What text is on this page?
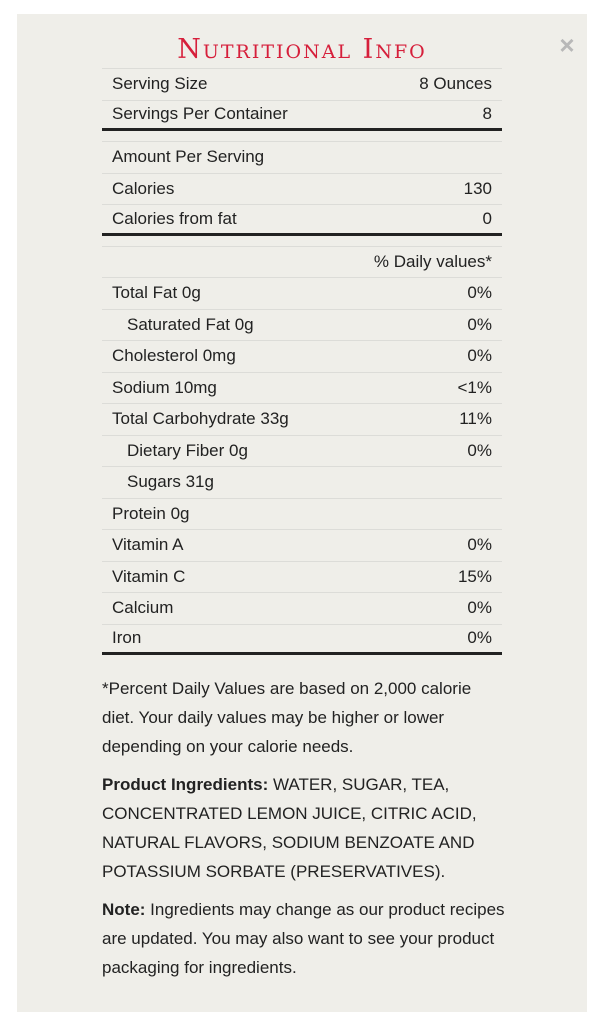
Nutritional Info	×
Serving Size	8 Ounces
Servings Per Container	8
Amount Per Serving
Calories	130
Calories from fat	0
% Daily values*
Total Fat 0g	0%
Saturated Fat 0g	0%
Cholesterol 0mg	0%
Sodium 10mg	<1%
Total Carbohydrate 33g	11%
Dietary Fiber 0g	0%
Sugars 31g
Protein 0g
Vitamin A	0%
Vitamin C	15%
Calcium	0%
Iron	0%

*Percent Daily Values are based on 2,000 calorie diet. Your daily values may be higher or lower depending on your calorie needs.

Product Ingredients: WATER, SUGAR, TEA, CONCENTRATED LEMON JUICE, CITRIC ACID, NATURAL FLAVORS, SODIUM BENZOATE AND POTASSIUM SORBATE (PRESERVATIVES).

Note: Ingredients may change as our product recipes are updated. You may also want to see your product packaging for ingredients.
